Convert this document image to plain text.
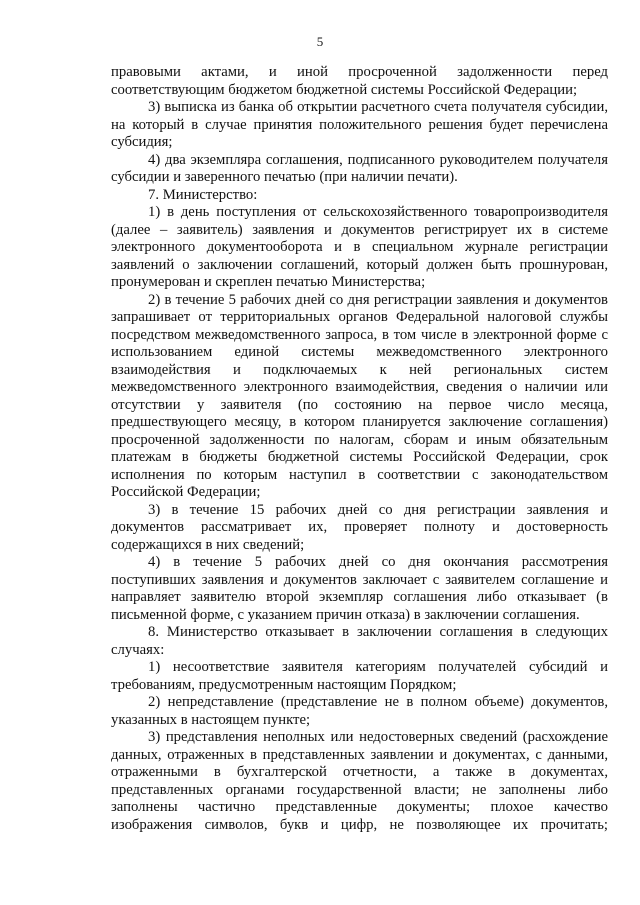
5

правовыми актами, и иной просроченной задолженности перед соответствующим бюджетом бюджетной системы Российской Федерации;

3) выписка из банка об открытии расчетного счета получателя субсидии, на который в случае принятия положительного решения будет перечислена субсидия;

4) два экземпляра соглашения, подписанного руководителем получателя субсидии и заверенного печатью (при наличии печати).

7. Министерство:

1) в день поступления от сельскохозяйственного товаропроизводителя (далее – заявитель) заявления и документов регистрирует их в системе электронного документооборота и в специальном журнале регистрации заявлений о заключении соглашений, который должен быть прошнурован, пронумерован и скреплен печатью Министерства;

2) в течение 5 рабочих дней со дня регистрации заявления и документов запрашивает от территориальных органов Федеральной налоговой службы посредством межведомственного запроса, в том числе в электронной форме с использованием единой системы межведомственного электронного взаимодействия и подключаемых к ней региональных систем межведомственного электронного взаимодействия, сведения о наличии или отсутствии у заявителя (по состоянию на первое число месяца, предшествующего месяцу, в котором планируется заключение соглашения) просроченной задолженности по налогам, сборам и иным обязательным платежам в бюджеты бюджетной системы Российской Федерации, срок исполнения по которым наступил в соответствии с законодательством Российской Федерации;

3) в течение 15 рабочих дней со дня регистрации заявления и документов рассматривает их, проверяет полноту и достоверность содержащихся в них сведений;

4) в течение 5 рабочих дней со дня окончания рассмотрения поступивших заявления и документов заключает с заявителем соглашение и направляет заявителю второй экземпляр соглашения либо отказывает (в письменной форме, с указанием причин отказа) в заключении соглашения.

8. Министерство отказывает в заключении соглашения в следующих случаях:

1) несоответствие заявителя категориям получателей субсидий и требованиям, предусмотренным настоящим Порядком;

2) непредставление (представление не в полном объеме) документов, указанных в настоящем пункте;

3) представления неполных или недостоверных сведений (расхождение данных, отраженных в представленных заявлении и документах, с данными, отраженными в бухгалтерской отчетности, а также в документах, представленных органами государственной власти; не заполнены либо заполнены частично представленные документы; плохое качество изображения символов, букв и цифр, не позволяющее их прочитать;
